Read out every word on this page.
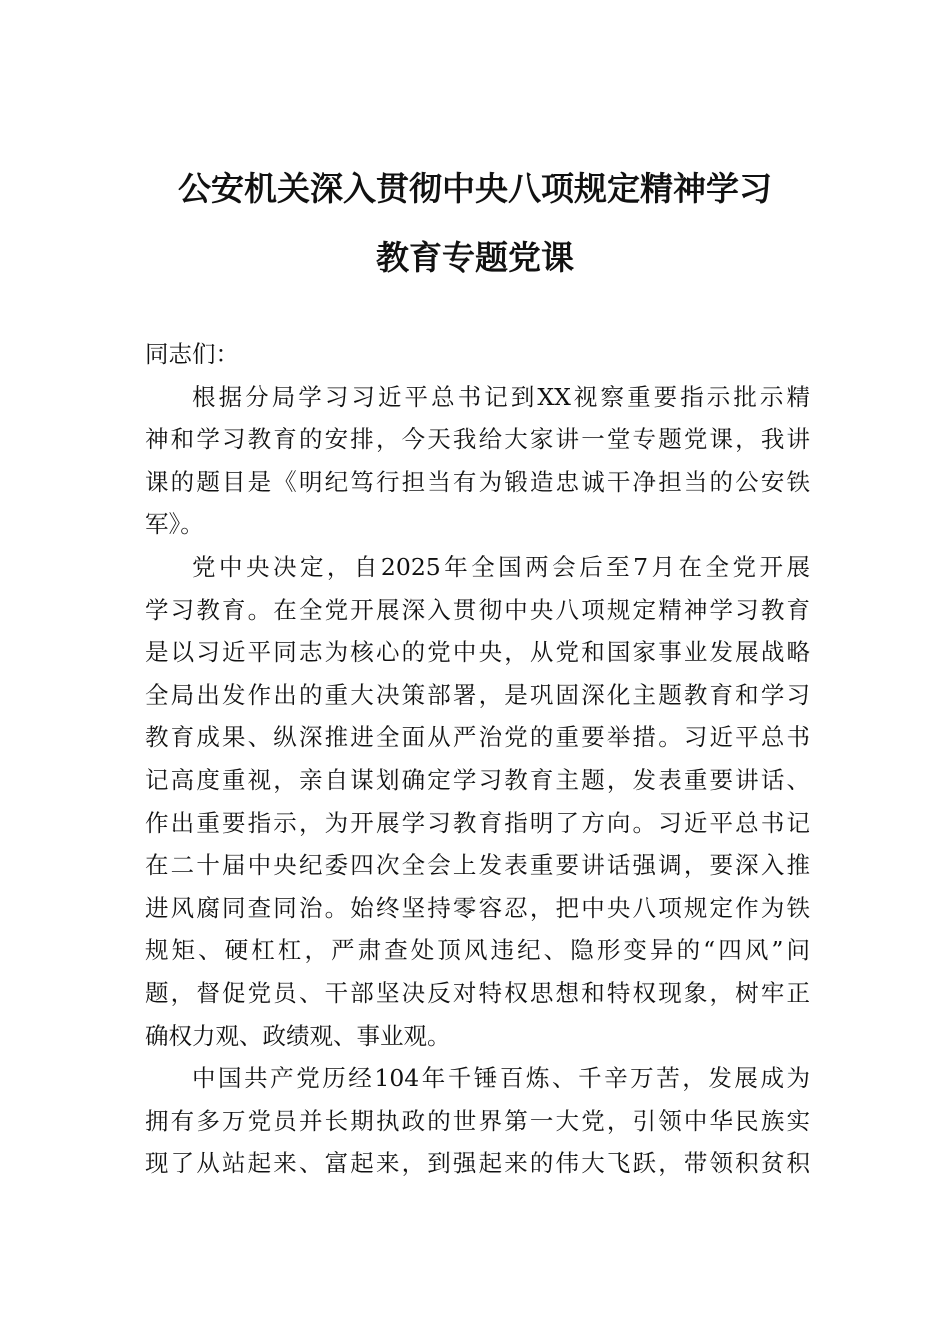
公安机关深入贯彻中央八项规定精神学习
教育专题党课
同志们：
根据分局学习习近平总书记到XX视察重要指示批示精
神和学习教育的安排，今天我给大家讲一堂专题党课，我讲
课的题目是《明纪笃行担当有为锻造忠诚干净担当的公安铁
军》。
党中央决定，自2025年全国两会后至7月在全党开展
学习教育。在全党开展深入贯彻中央八项规定精神学习教育
是以习近平同志为核心的党中央，从党和国家事业发展战略
全局出发作出的重大决策部署，是巩固深化主题教育和学习
教育成果、纵深推进全面从严治党的重要举措。习近平总书
记高度重视，亲自谋划确定学习教育主题，发表重要讲话、
作出重要指示，为开展学习教育指明了方向。习近平总书记
在二十届中央纪委四次全会上发表重要讲话强调，要深入推
进风腐同查同治。始终坚持零容忍，把中央八项规定作为铁
规矩、硬杠杠，严肃查处顶风违纪、隐形变异的“四风”问
题，督促党员、干部坚决反对特权思想和特权现象，树牢正
确权力观、政绩观、事业观。
中国共产党历经104年千锤百炼、千辛万苦，发展成为
拥有多万党员并长期执政的世界第一大党，引领中华民族实
现了从站起来、富起来，到强起来的伟大飞跃，带领积贫积
